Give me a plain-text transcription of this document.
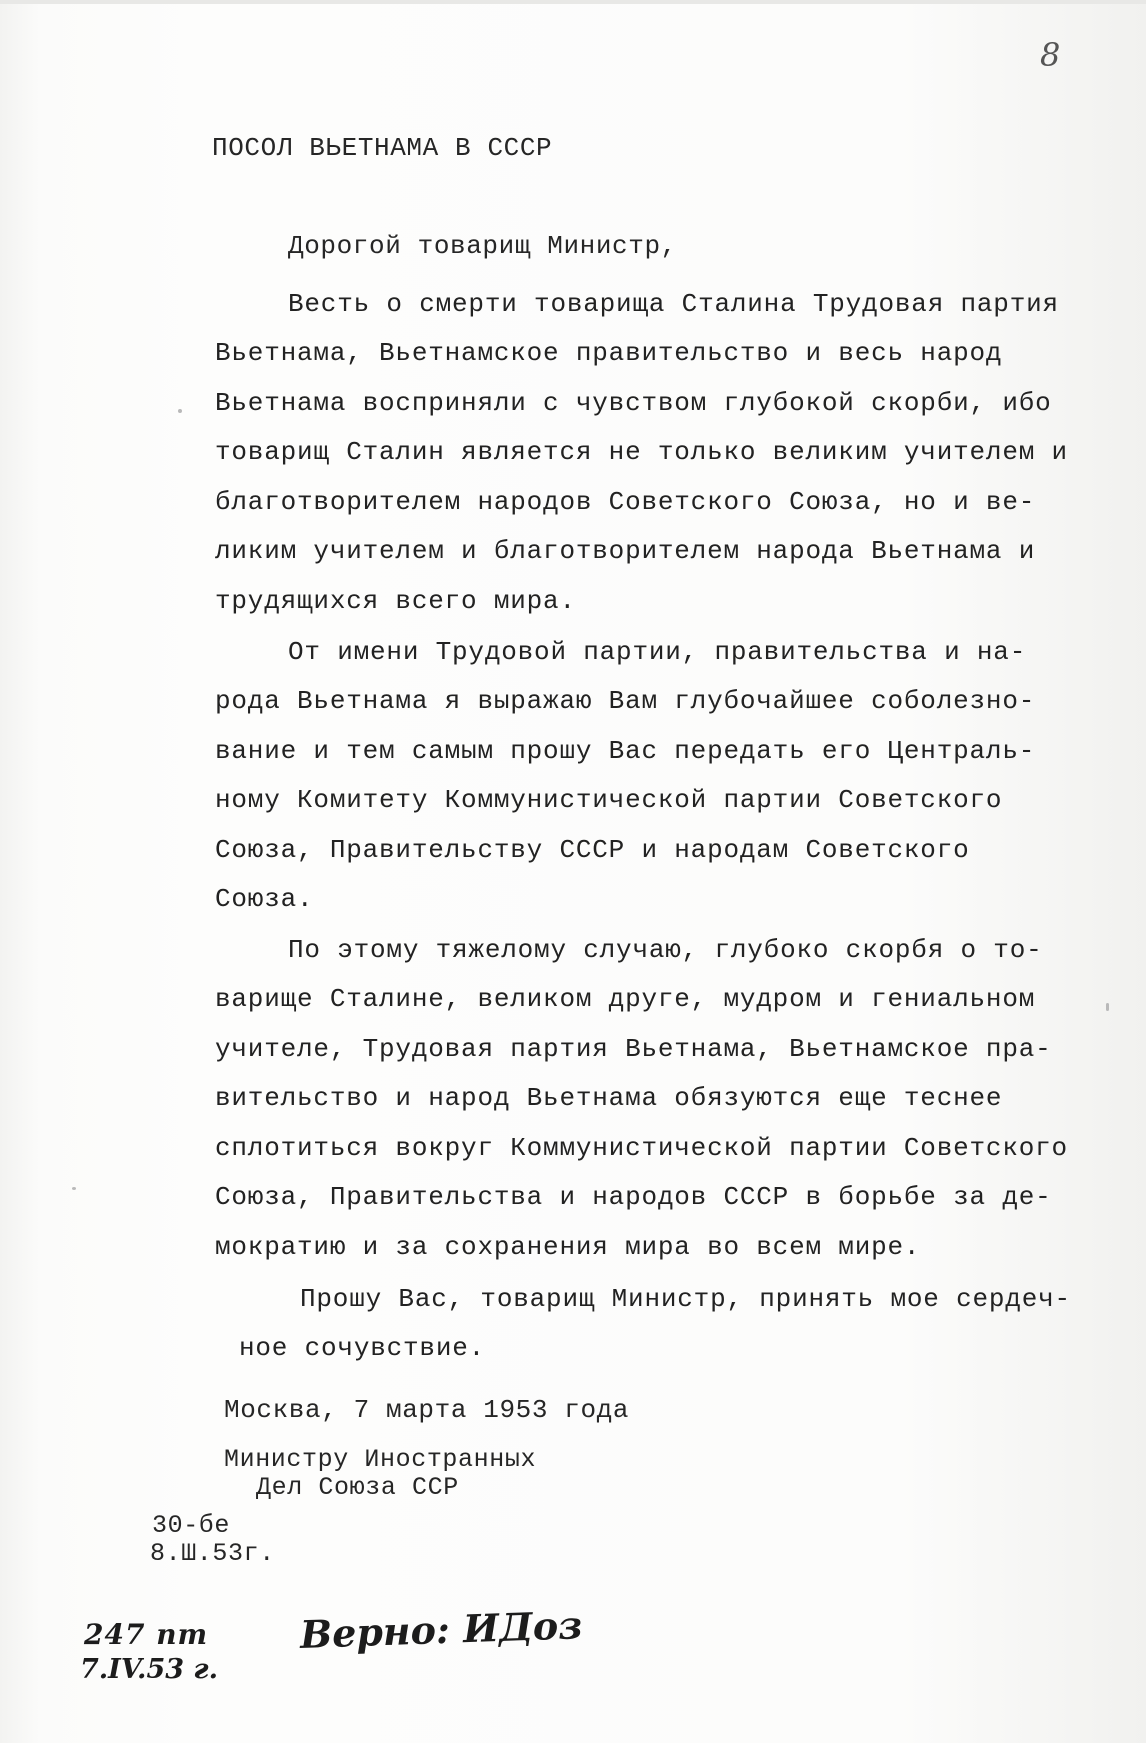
8
ПОСОЛ ВЬЕТНАМА В СССР
Дорогой товарищ Министр,
Весть о смерти товарища Сталина Трудовая партия
Вьетнама, Вьетнамское правительство и весь народ
Вьетнама восприняли с чувством глубокой скорби, ибо
товарищ Сталин является не только великим учителем и
благотворителем народов Советского Союза, но и ве-
ликим учителем и благотворителем народа Вьетнама и
трудящихся всего мира.
От имени Трудовой партии, правительства и на-
рода Вьетнама я выражаю Вам глубочайшее соболезно-
вание и тем самым прошу Вас передать его Централь-
ному Комитету Коммунистической партии Советского
Союза, Правительству СССР и народам Советского
Союза.
По этому тяжелому случаю, глубоко скорбя о то-
варище Сталине, великом друге, мудром и гениальном
учителе, Трудовая партия Вьетнама, Вьетнамское пра-
вительство и народ Вьетнама обязуются еще теснее
сплотиться вокруг Коммунистической партии Советского
Союза, Правительства и народов СССР в борьбе за де-
мократию и за сохранения мира во всем мире.
Прошу Вас, товарищ Министр, принять мое сердеч-
ное сочувствие.
Москва, 7 марта 1953 года
Министру Иностранных
Дел Союза ССР
30-бе
8.Ш.53г.
247 пт
7.IV.53 г.
Верно: ИДоз
